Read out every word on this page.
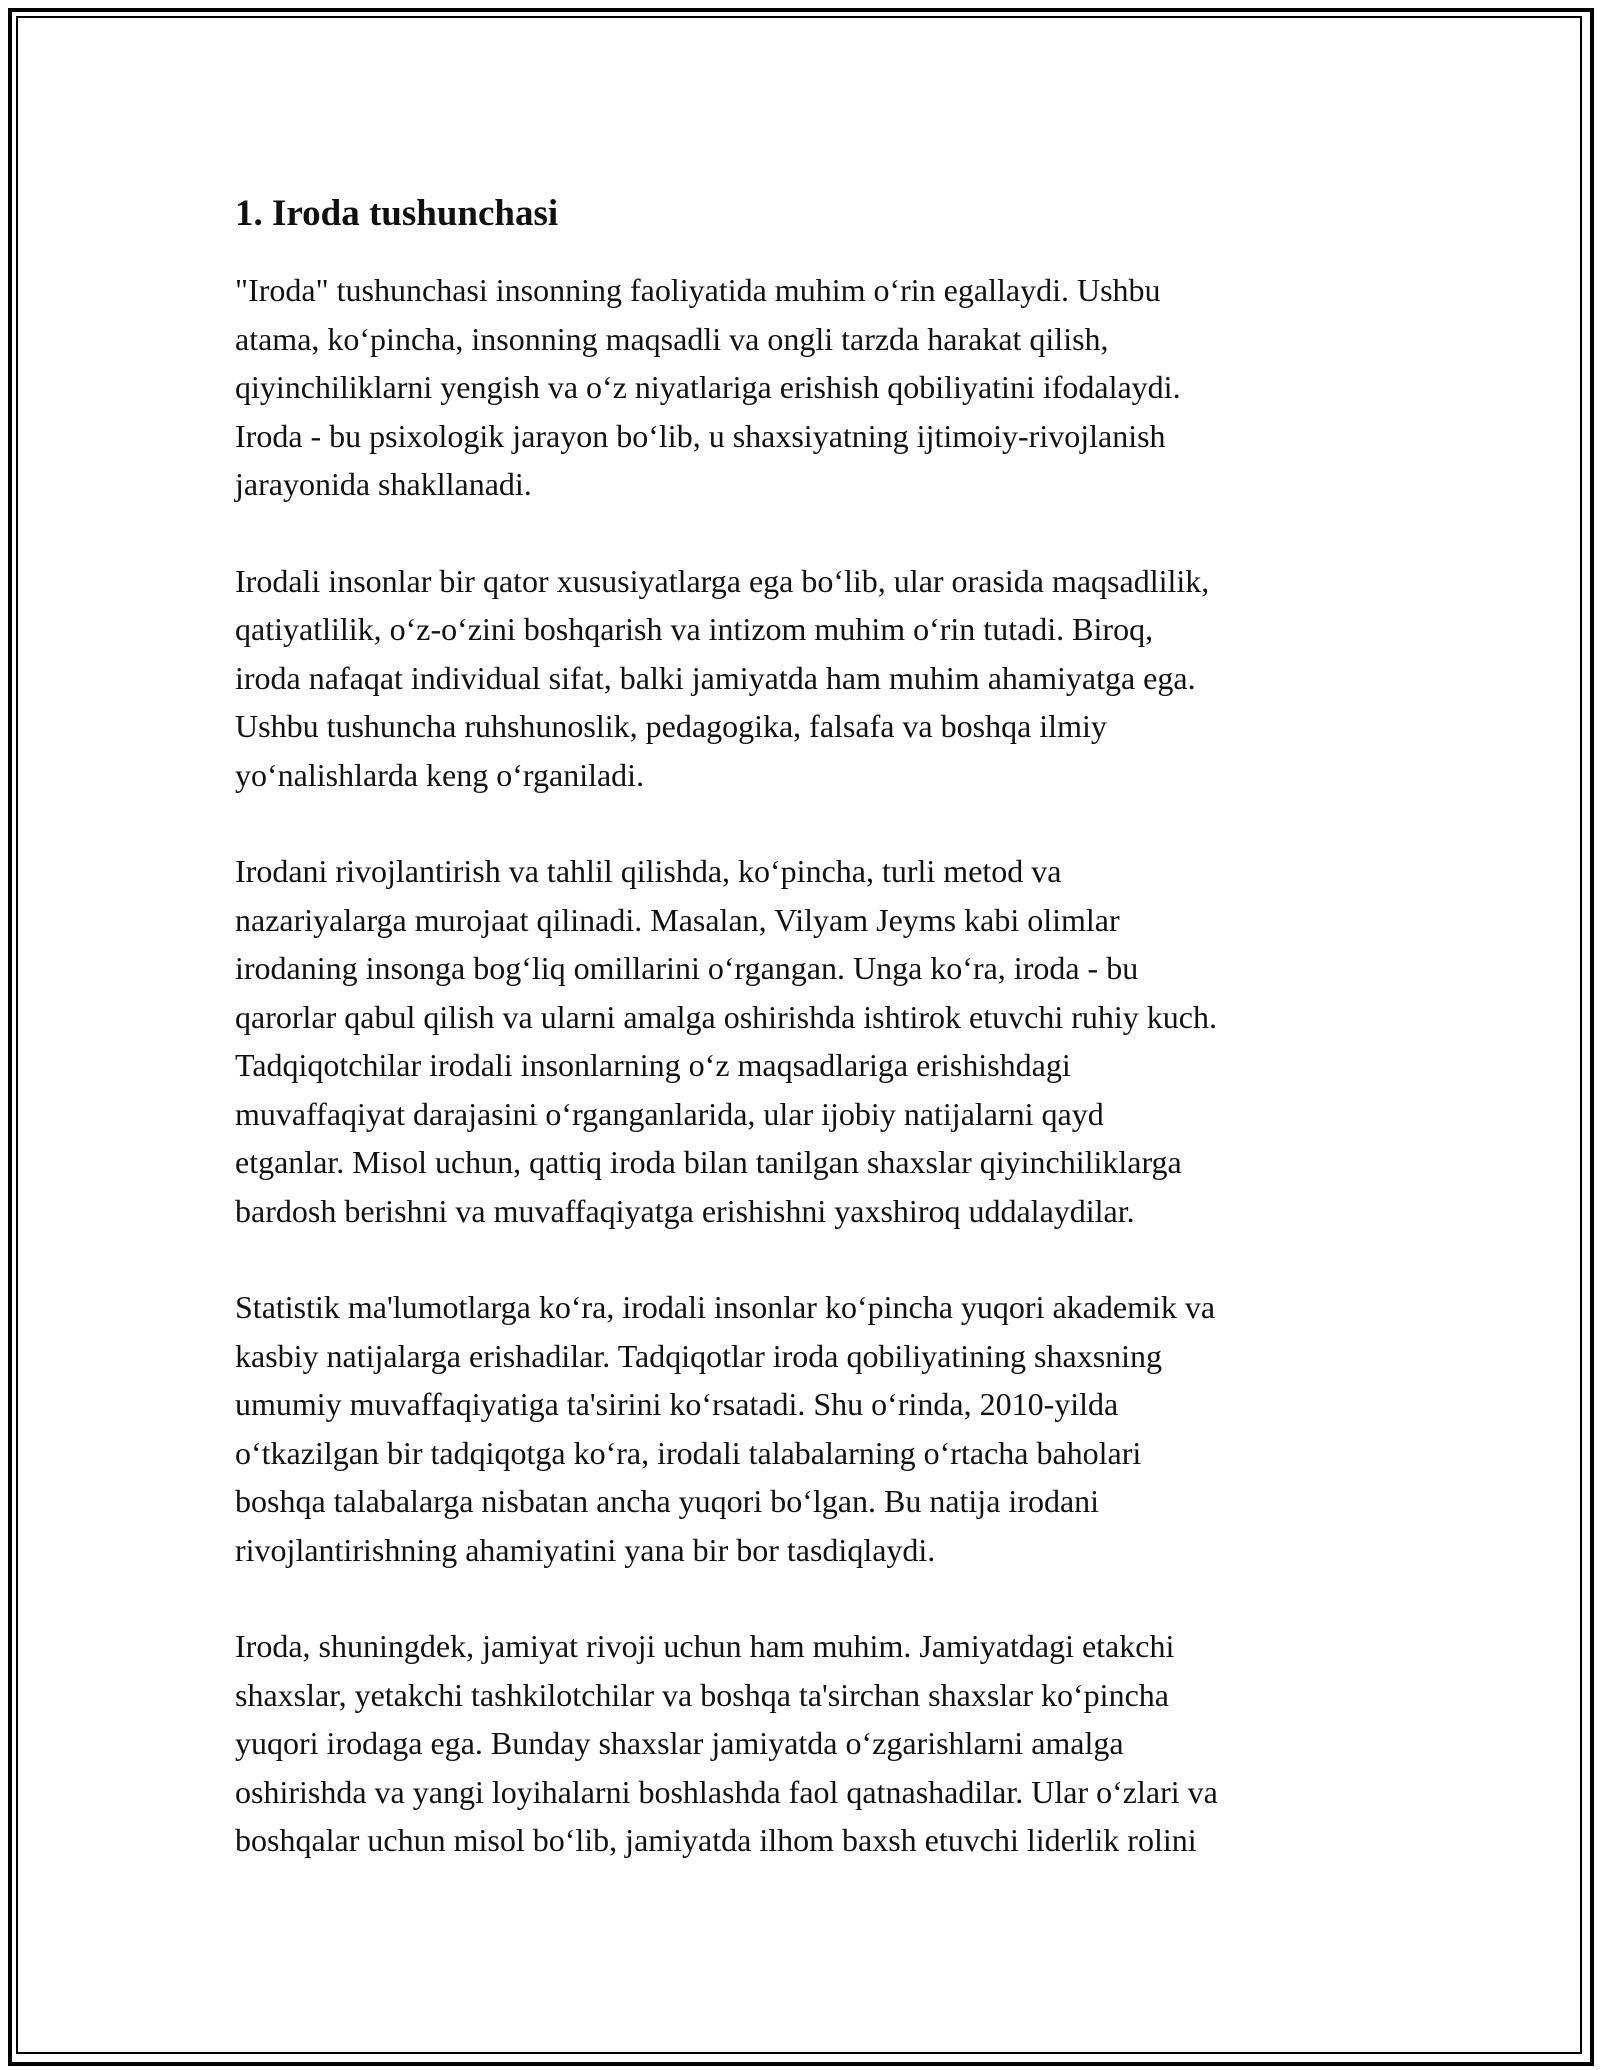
1. Iroda tushunchasi

"Iroda" tushunchasi insonning faoliyatida muhim oʻrin egallaydi. Ushbu
atama, koʻpincha, insonning maqsadli va ongli tarzda harakat qilish,
qiyinchiliklarni yengish va oʻz niyatlariga erishish qobiliyatini ifodalaydi.
Iroda - bu psixologik jarayon boʻlib, u shaxsiyatning ijtimoiy-rivojlanish
jarayonida shakllanadi.

Irodali insonlar bir qator xususiyatlarga ega boʻlib, ular orasida maqsadlilik,
qatiyatlilik, oʻz-oʻzini boshqarish va intizom muhim oʻrin tutadi. Biroq,
iroda nafaqat individual sifat, balki jamiyatda ham muhim ahamiyatga ega.
Ushbu tushuncha ruhshunoslik, pedagogika, falsafa va boshqa ilmiy
yoʻnalishlarda keng oʻrganiladi.

Irodani rivojlantirish va tahlil qilishda, koʻpincha, turli metod va
nazariyalarga murojaat qilinadi. Masalan, Vilyam Jeyms kabi olimlar
irodaning insonga bogʻliq omillarini oʻrgangan. Unga koʻra, iroda - bu
qarorlar qabul qilish va ularni amalga oshirishda ishtirok etuvchi ruhiy kuch.
Tadqiqotchilar irodali insonlarning oʻz maqsadlariga erishishdagi
muvaffaqiyat darajasini oʻrganganlarida, ular ijobiy natijalarni qayd
etganlar. Misol uchun, qattiq iroda bilan tanilgan shaxslar qiyinchiliklarga
bardosh berishni va muvaffaqiyatga erishishni yaxshiroq uddalaydilar.

Statistik ma'lumotlarga koʻra, irodali insonlar koʻpincha yuqori akademik va
kasbiy natijalarga erishadilar. Tadqiqotlar iroda qobiliyatining shaxsning
umumiy muvaffaqiyatiga ta'sirini koʻrsatadi. Shu oʻrinda, 2010-yilda
oʻtkazilgan bir tadqiqotga koʻra, irodali talabalarning oʻrtacha baholari
boshqa talabalarga nisbatan ancha yuqori boʻlgan. Bu natija irodani
rivojlantirishning ahamiyatini yana bir bor tasdiqlaydi.

Iroda, shuningdek, jamiyat rivoji uchun ham muhim. Jamiyatdagi etakchi
shaxslar, yetakchi tashkilotchilar va boshqa ta'sirchan shaxslar koʻpincha
yuqori irodaga ega. Bunday shaxslar jamiyatda oʻzgarishlarni amalga
oshirishda va yangi loyihalarni boshlashda faol qatnashadilar. Ular oʻzlari va
boshqalar uchun misol boʻlib, jamiyatda ilhom baxsh etuvchi liderlik rolini
